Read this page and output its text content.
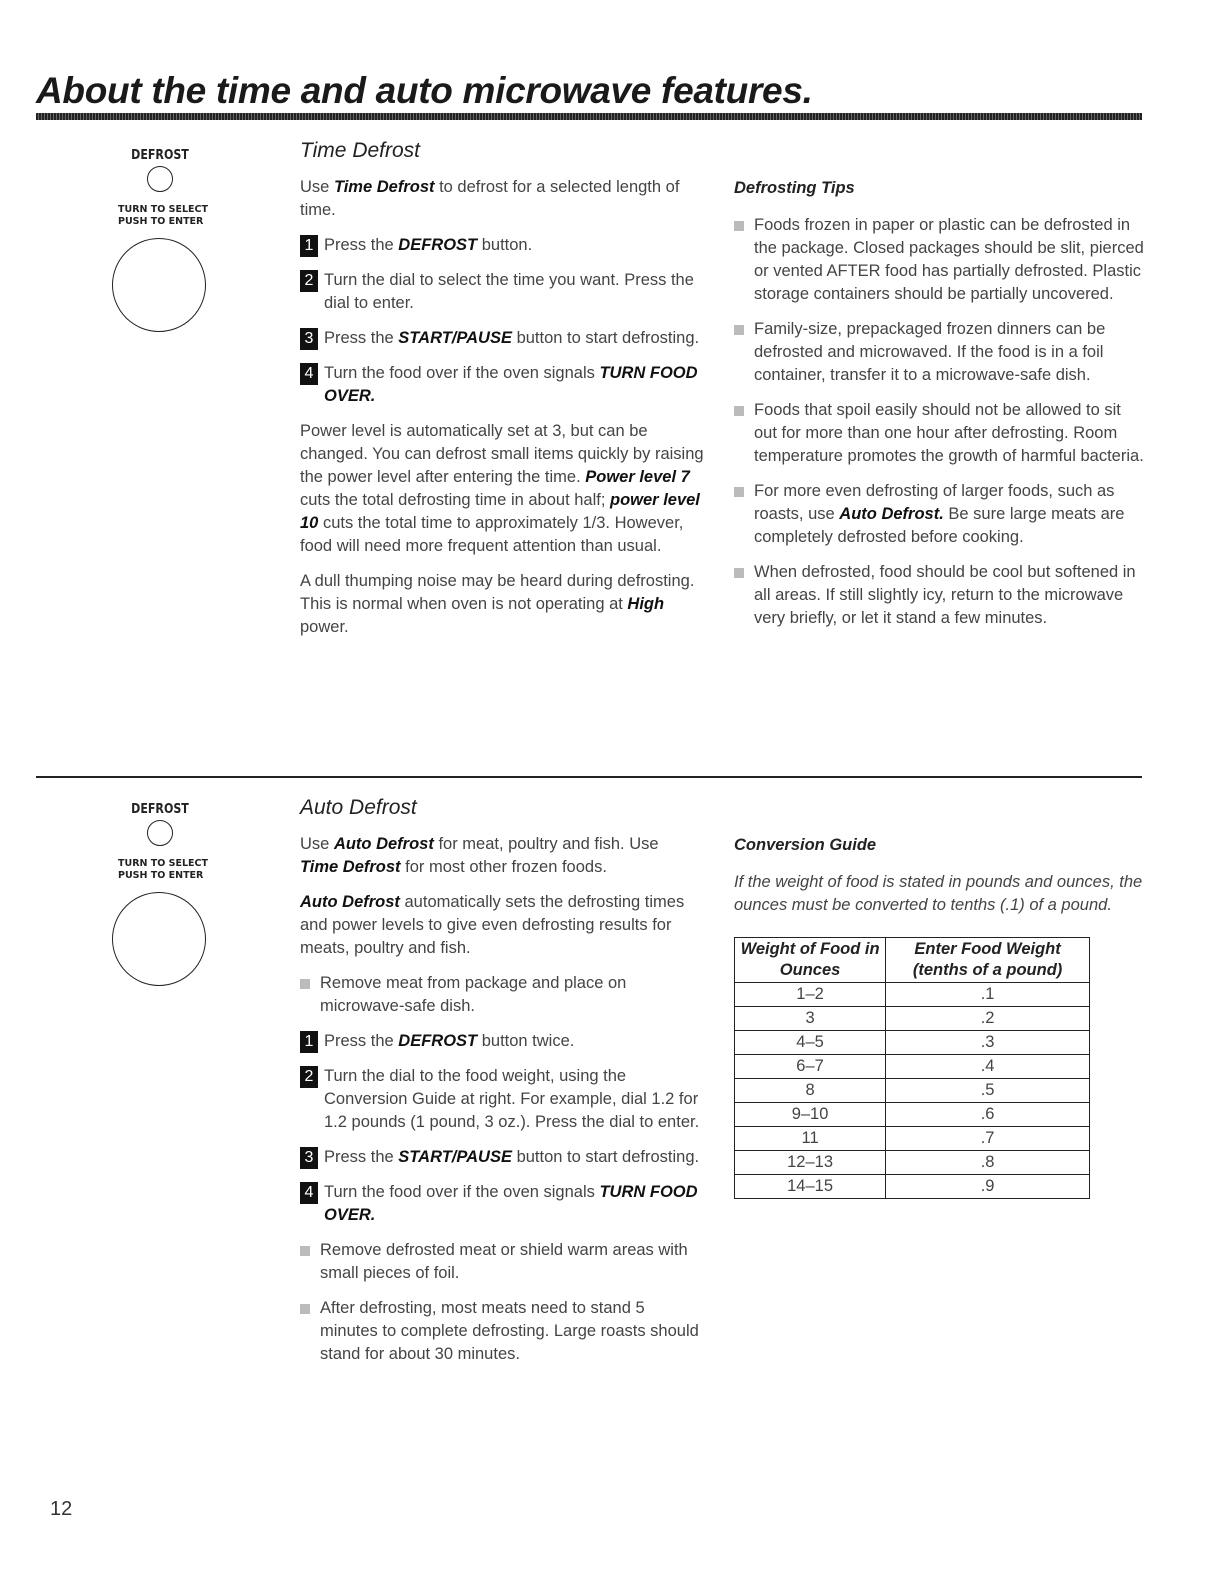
About the time and auto microwave features.
DEFROST
TURN TO SELECT
PUSH TO ENTER
Time Defrost

Use Time Defrost to defrost for a selected length of time.

1 Press the DEFROST button.
2 Turn the dial to select the time you want. Press the dial to enter.
3 Press the START/PAUSE button to start defrosting.
4 Turn the food over if the oven signals TURN FOOD OVER.

Power level is automatically set at 3, but can be changed. You can defrost small items quickly by raising the power level after entering the time. Power level 7 cuts the total defrosting time in about half; power level 10 cuts the total time to approximately 1/3. However, food will need more frequent attention than usual.

A dull thumping noise may be heard during defrosting. This is normal when oven is not operating at High power.

Defrosting Tips
Foods frozen in paper or plastic can be defrosted in the package. Closed packages should be slit, pierced or vented AFTER food has partially defrosted. Plastic storage containers should be partially uncovered.
Family-size, prepackaged frozen dinners can be defrosted and microwaved. If the food is in a foil container, transfer it to a microwave-safe dish.
Foods that spoil easily should not be allowed to sit out for more than one hour after defrosting. Room temperature promotes the growth of harmful bacteria.
For more even defrosting of larger foods, such as roasts, use Auto Defrost. Be sure large meats are completely defrosted before cooking.
When defrosted, food should be cool but softened in all areas. If still slightly icy, return to the microwave very briefly, or let it stand a few minutes.
DEFROST
TURN TO SELECT
PUSH TO ENTER
Auto Defrost

Use Auto Defrost for meat, poultry and fish. Use Time Defrost for most other frozen foods.

Auto Defrost automatically sets the defrosting times and power levels to give even defrosting results for meats, poultry and fish.

Remove meat from package and place on microwave-safe dish.
1 Press the DEFROST button twice.
2 Turn the dial to the food weight, using the Conversion Guide at right. For example, dial 1.2 for 1.2 pounds (1 pound, 3 oz.). Press the dial to enter.
3 Press the START/PAUSE button to start defrosting.
4 Turn the food over if the oven signals TURN FOOD OVER.
Remove defrosted meat or shield warm areas with small pieces of foil.
After defrosting, most meats need to stand 5 minutes to complete defrosting. Large roasts should stand for about 30 minutes.
Conversion Guide

If the weight of food is stated in pounds and ounces, the ounces must be converted to tenths (.1) of a pound.

Weight of Food in Ounces	Enter Food Weight (tenths of a pound)
1–2	.1
3	.2
4–5	.3
6–7	.4
8	.5
9–10	.6
11	.7
12–13	.8
14–15	.9
12
